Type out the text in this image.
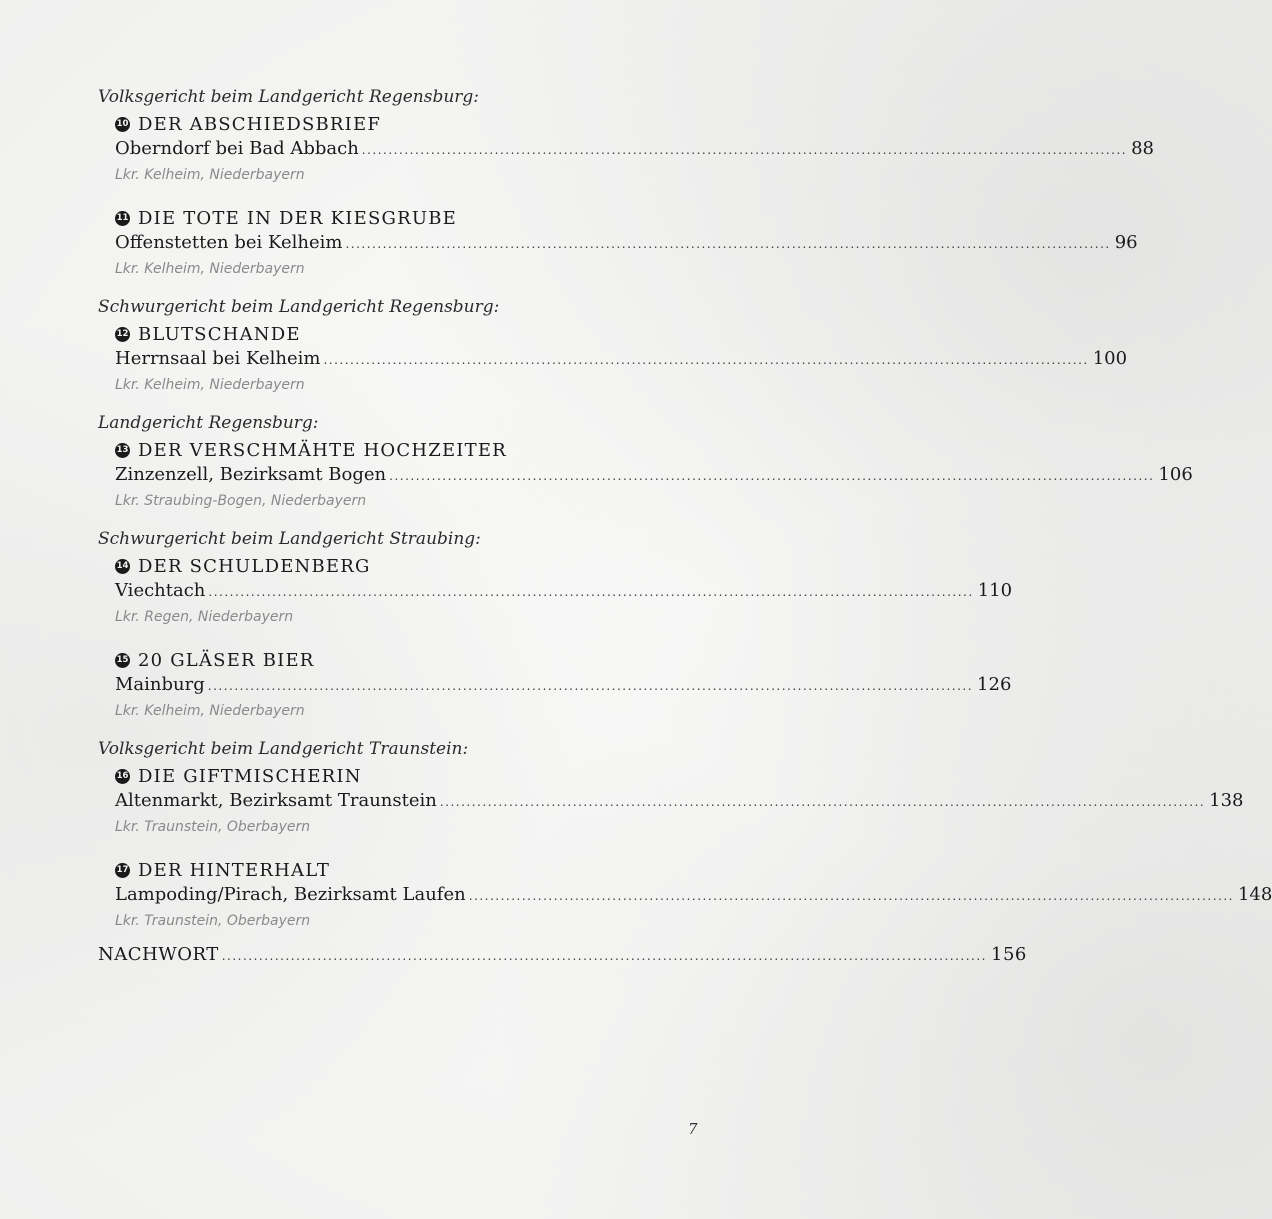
Volksgericht beim Landgericht Regensburg:
10 DER ABSCHIEDSBRIEF
Oberndorf bei Bad Abbach ................................................................................................................................................ 88
Lkr. Kelheim, Niederbayern
11 DIE TOTE IN DER KIESGRUBE
Offenstetten bei Kelheim ................................................................................................................................................ 96
Lkr. Kelheim, Niederbayern
Schwurgericht beim Landgericht Regensburg:
12 BLUTSCHANDE
Herrnsaal bei Kelheim ................................................................................................................................................ 100
Lkr. Kelheim, Niederbayern
Landgericht Regensburg:
13 DER VERSCHMÄHTE HOCHZEITER
Zinzenzell, Bezirksamt Bogen ................................................................................................................................................ 106
Lkr. Straubing-Bogen, Niederbayern
Schwurgericht beim Landgericht Straubing:
14 DER SCHULDENBERG
Viechtach ................................................................................................................................................ 110
Lkr. Regen, Niederbayern
15 20 GLÄSER BIER
Mainburg ................................................................................................................................................ 126
Lkr. Kelheim, Niederbayern
Volksgericht beim Landgericht Traunstein:
16 DIE GIFTMISCHERIN
Altenmarkt, Bezirksamt Traunstein ................................................................................................................................................ 138
Lkr. Traunstein, Oberbayern
17 DER HINTERHALT
Lampoding/Pirach, Bezirksamt Laufen ................................................................................................................................................ 148
Lkr. Traunstein, Oberbayern
NACHWORT ................................................................................................................................................ 156
7
